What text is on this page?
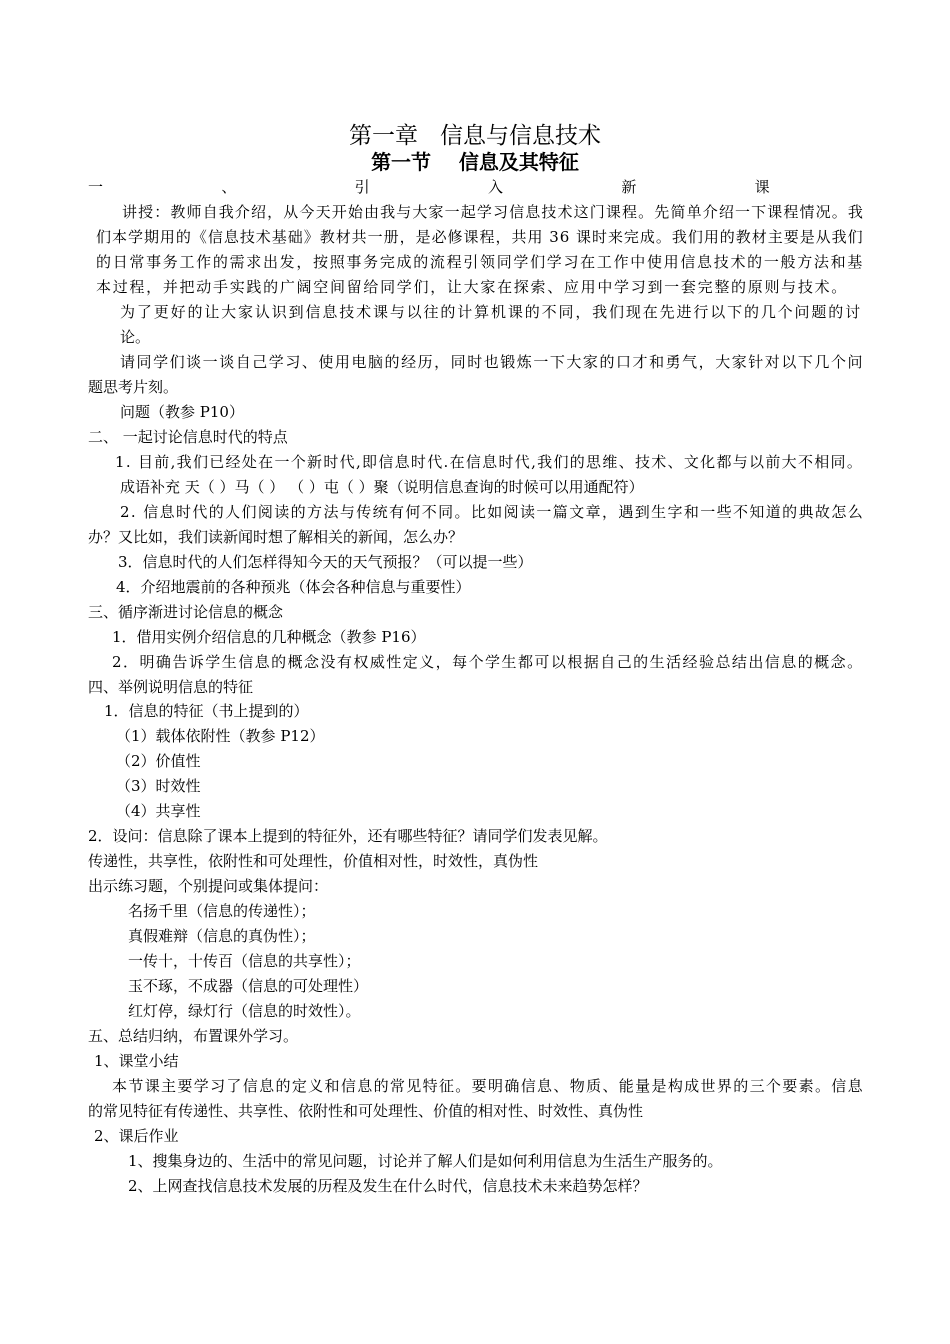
第一章   信息与信息技术
第一节    信息及其特征
一、引入新课
讲授：教师自我介绍，从今天开始由我与大家一起学习信息技术这门课程。先简单介绍一下课程情况。我
们本学期用的《信息技术基础》教材共一册，是必修课程，共用 36 课时来完成。我们用的教材主要是从我们
的日常事务工作的需求出发，按照事务完成的流程引领同学们学习在工作中使用信息技术的一般方法和基
本过程，并把动手实践的广阔空间留给同学们，让大家在探索、应用中学习到一套完整的原则与技术。
为了更好的让大家认识到信息技术课与以往的计算机课的不同，我们现在先进行以下的几个问题的讨
论。
请同学们谈一谈自己学习、使用电脑的经历，同时也锻炼一下大家的口才和勇气，大家针对以下几个问
题思考片刻。
问题（教参 P10）
二、 一起讨论信息时代的特点
1. 目前,我们已经处在一个新时代,即信息时代.在信息时代,我们的思维、技术、文化都与以前大不相同。
成语补充 天（ ）马（ ） （ ）屯（ ）聚（说明信息查询的时候可以用通配符）
2. 信息时代的人们阅读的方法与传统有何不同。比如阅读一篇文章，遇到生字和一些不知道的典故怎么
办？又比如，我们读新闻时想了解相关的新闻，怎么办？
3．信息时代的人们怎样得知今天的天气预报？（可以提一些）
4．介绍地震前的各种预兆（体会各种信息与重要性）
三、循序渐进讨论信息的概念
1．借用实例介绍信息的几种概念（教参 P16）
2．明确告诉学生信息的概念没有权威性定义，每个学生都可以根据自己的生活经验总结出信息的概念。
四、举例说明信息的特征
1．信息的特征（书上提到的）
（1）载体依附性（教参 P12）
（2）价值性
（3）时效性
（4）共享性
2．设问：信息除了课本上提到的特征外，还有哪些特征？请同学们发表见解。
传递性，共享性，依附性和可处理性，价值相对性，时效性，真伪性
出示练习题，个别提问或集体提问：
名扬千里（信息的传递性）；
真假难辩（信息的真伪性）；
一传十，十传百（信息的共享性）；
玉不琢，不成器（信息的可处理性）
红灯停，绿灯行（信息的时效性）。
五、总结归纳，布置课外学习。
1、课堂小结
本节课主要学习了信息的定义和信息的常见特征。要明确信息、物质、能量是构成世界的三个要素。信息
的常见特征有传递性、共享性、依附性和可处理性、价值的相对性、时效性、真伪性
2、课后作业
1、搜集身边的、生活中的常见问题，讨论并了解人们是如何利用信息为生活生产服务的。
2、上网查找信息技术发展的历程及发生在什么时代，信息技术未来趋势怎样？
